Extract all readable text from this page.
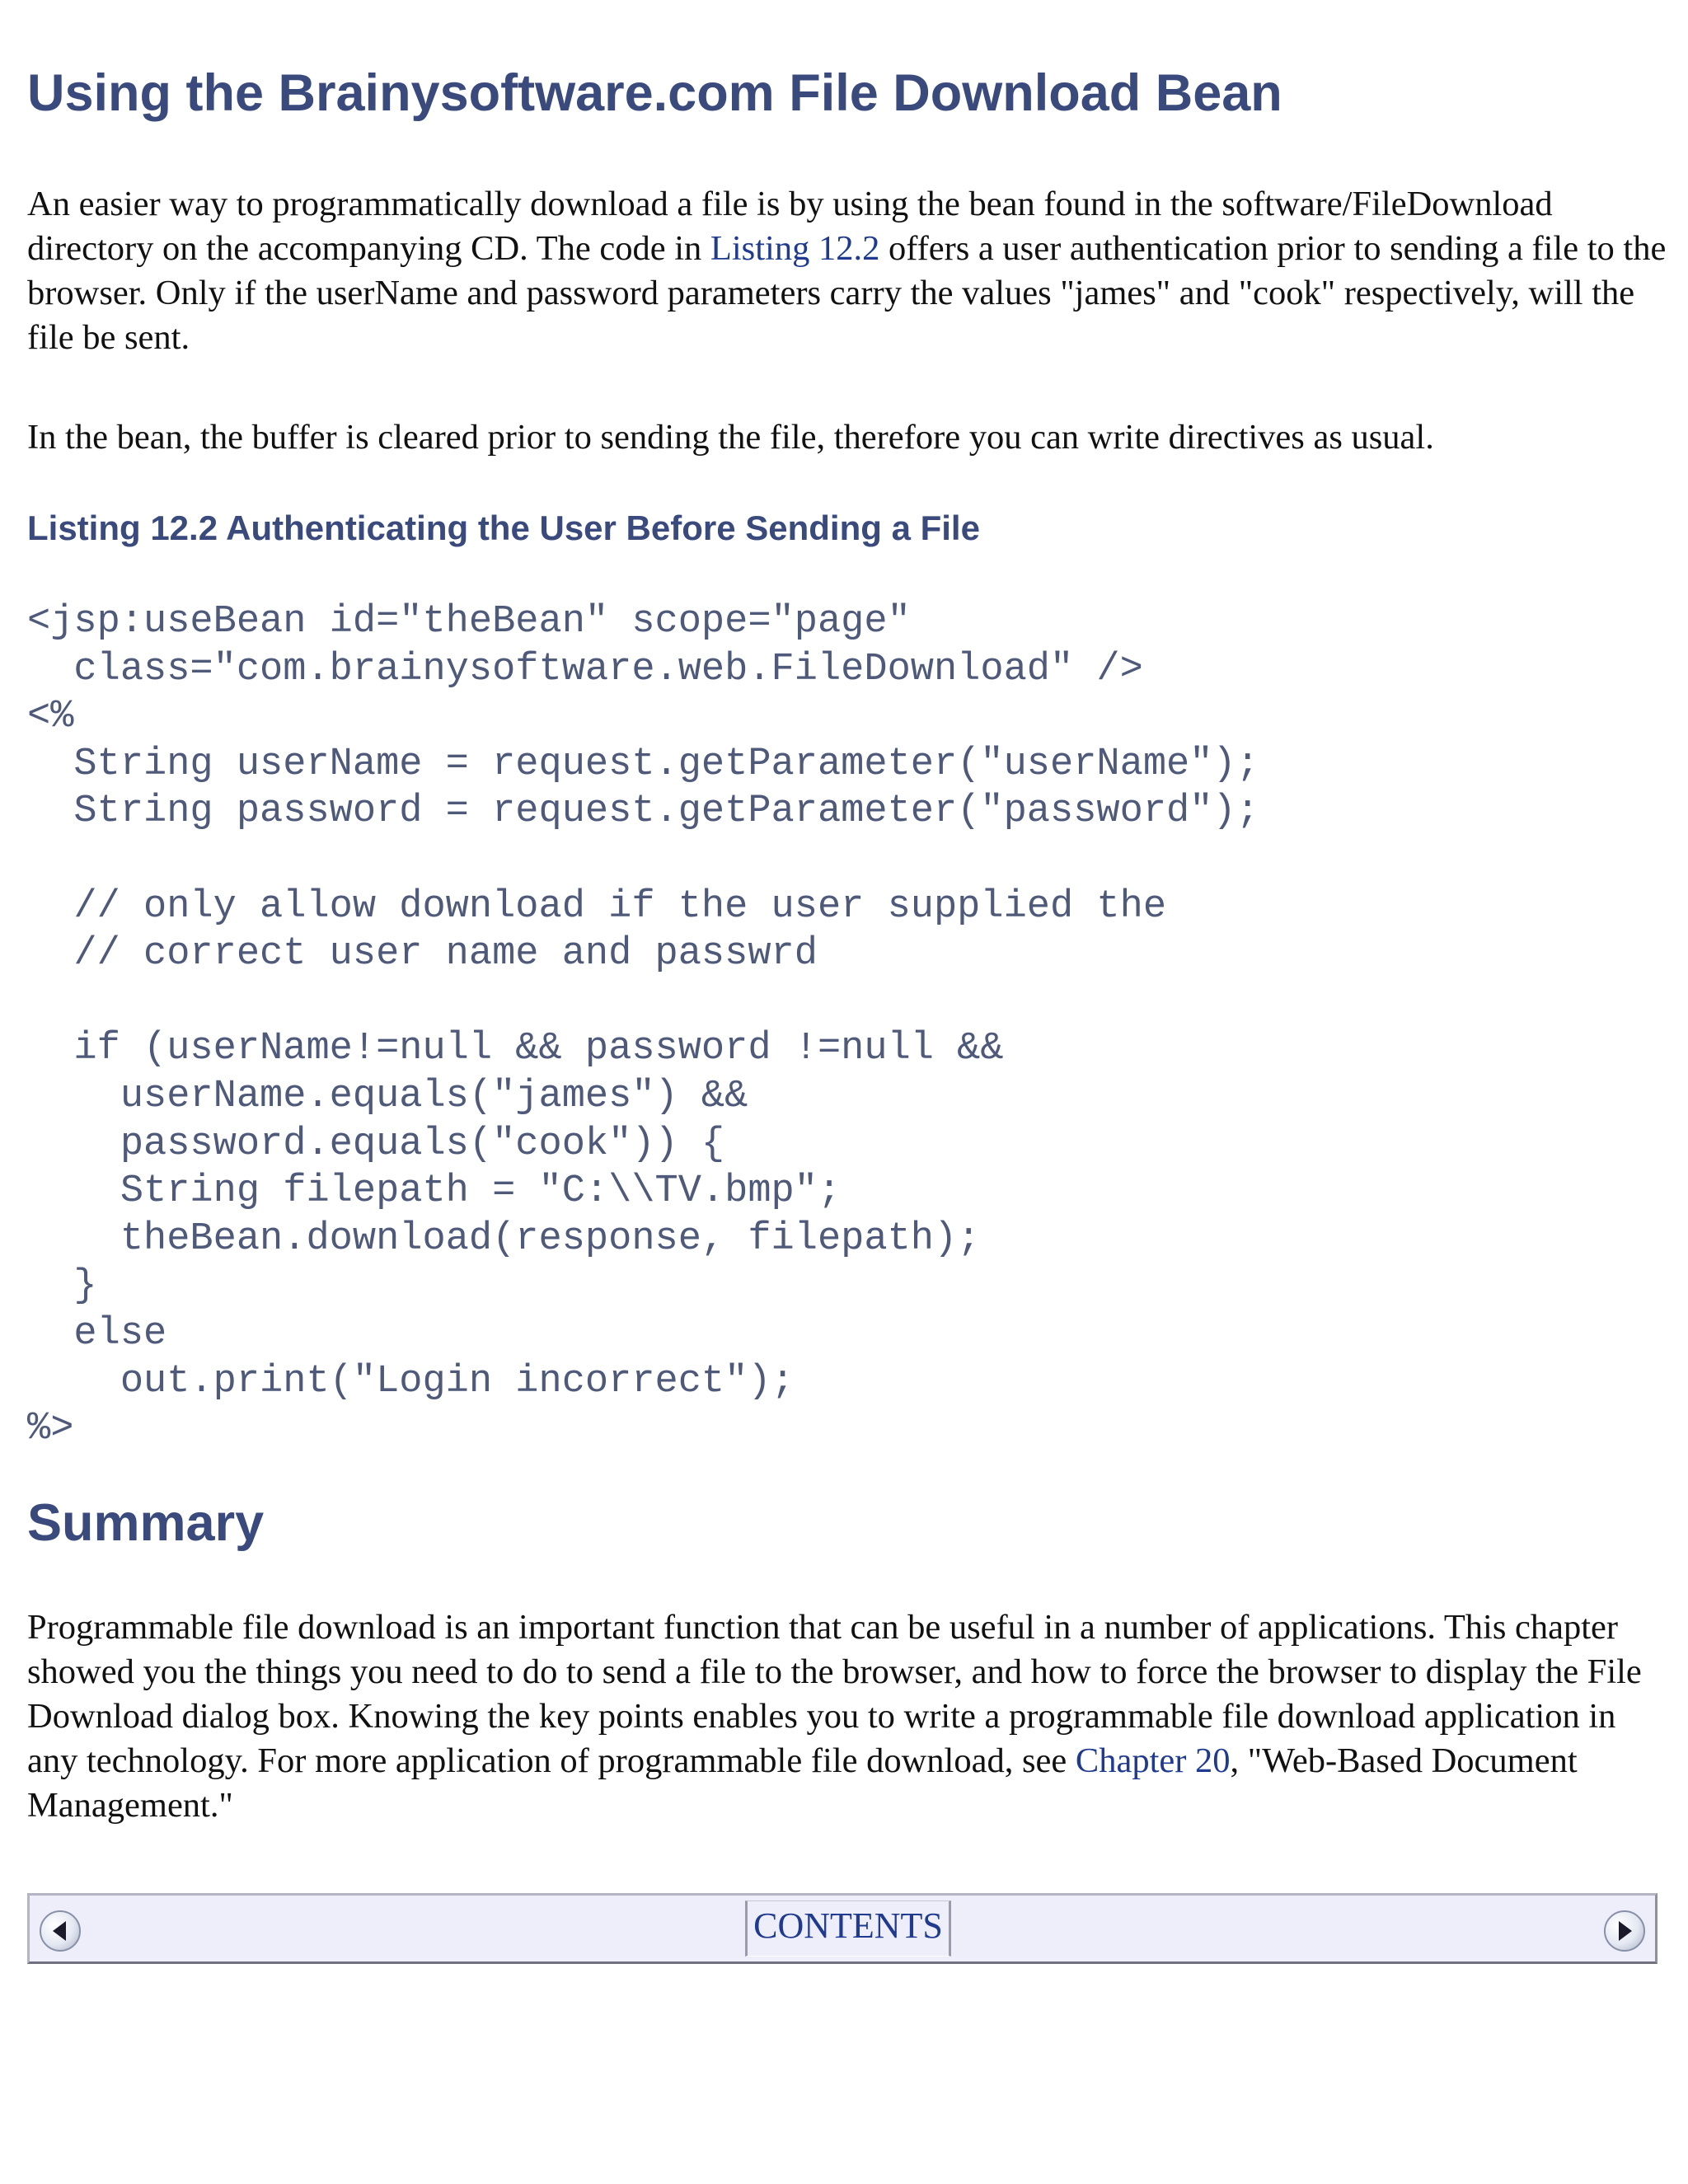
Using the Brainysoftware.com File Download Bean

An easier way to programmatically download a file is by using the bean found in the software/FileDownload directory on the accompanying CD. The code in Listing 12.2 offers a user authentication prior to sending a file to the browser. Only if the userName and password parameters carry the values "james" and "cook" respectively, will the file be sent.

In the bean, the buffer is cleared prior to sending the file, therefore you can write directives as usual.

Listing 12.2 Authenticating the User Before Sending a File
<jsp:useBean id="theBean" scope="page"
class="com.brainysoftware.web.FileDownload" />
<%
String userName = request.getParameter("userName");
String password = request.getParameter("password");

// only allow download if the user supplied the
// correct user name and passwrd

if (userName!=null && password !=null &&
userName.equals("james") &&
password.equals("cook")) {
String filepath = "C:\\TV.bmp";
theBean.download(response, filepath);
}
else
out.print("Login incorrect");
%>
Summary

Programmable file download is an important function that can be useful in a number of applications. This chapter showed you the things you need to do to send a file to the browser, and how to force the browser to display the File Download dialog box. Knowing the key points enables you to write a programmable file download application in any technology. For more application of programmable file download, see Chapter 20, "Web-Based Document Management."

CONTENTS
